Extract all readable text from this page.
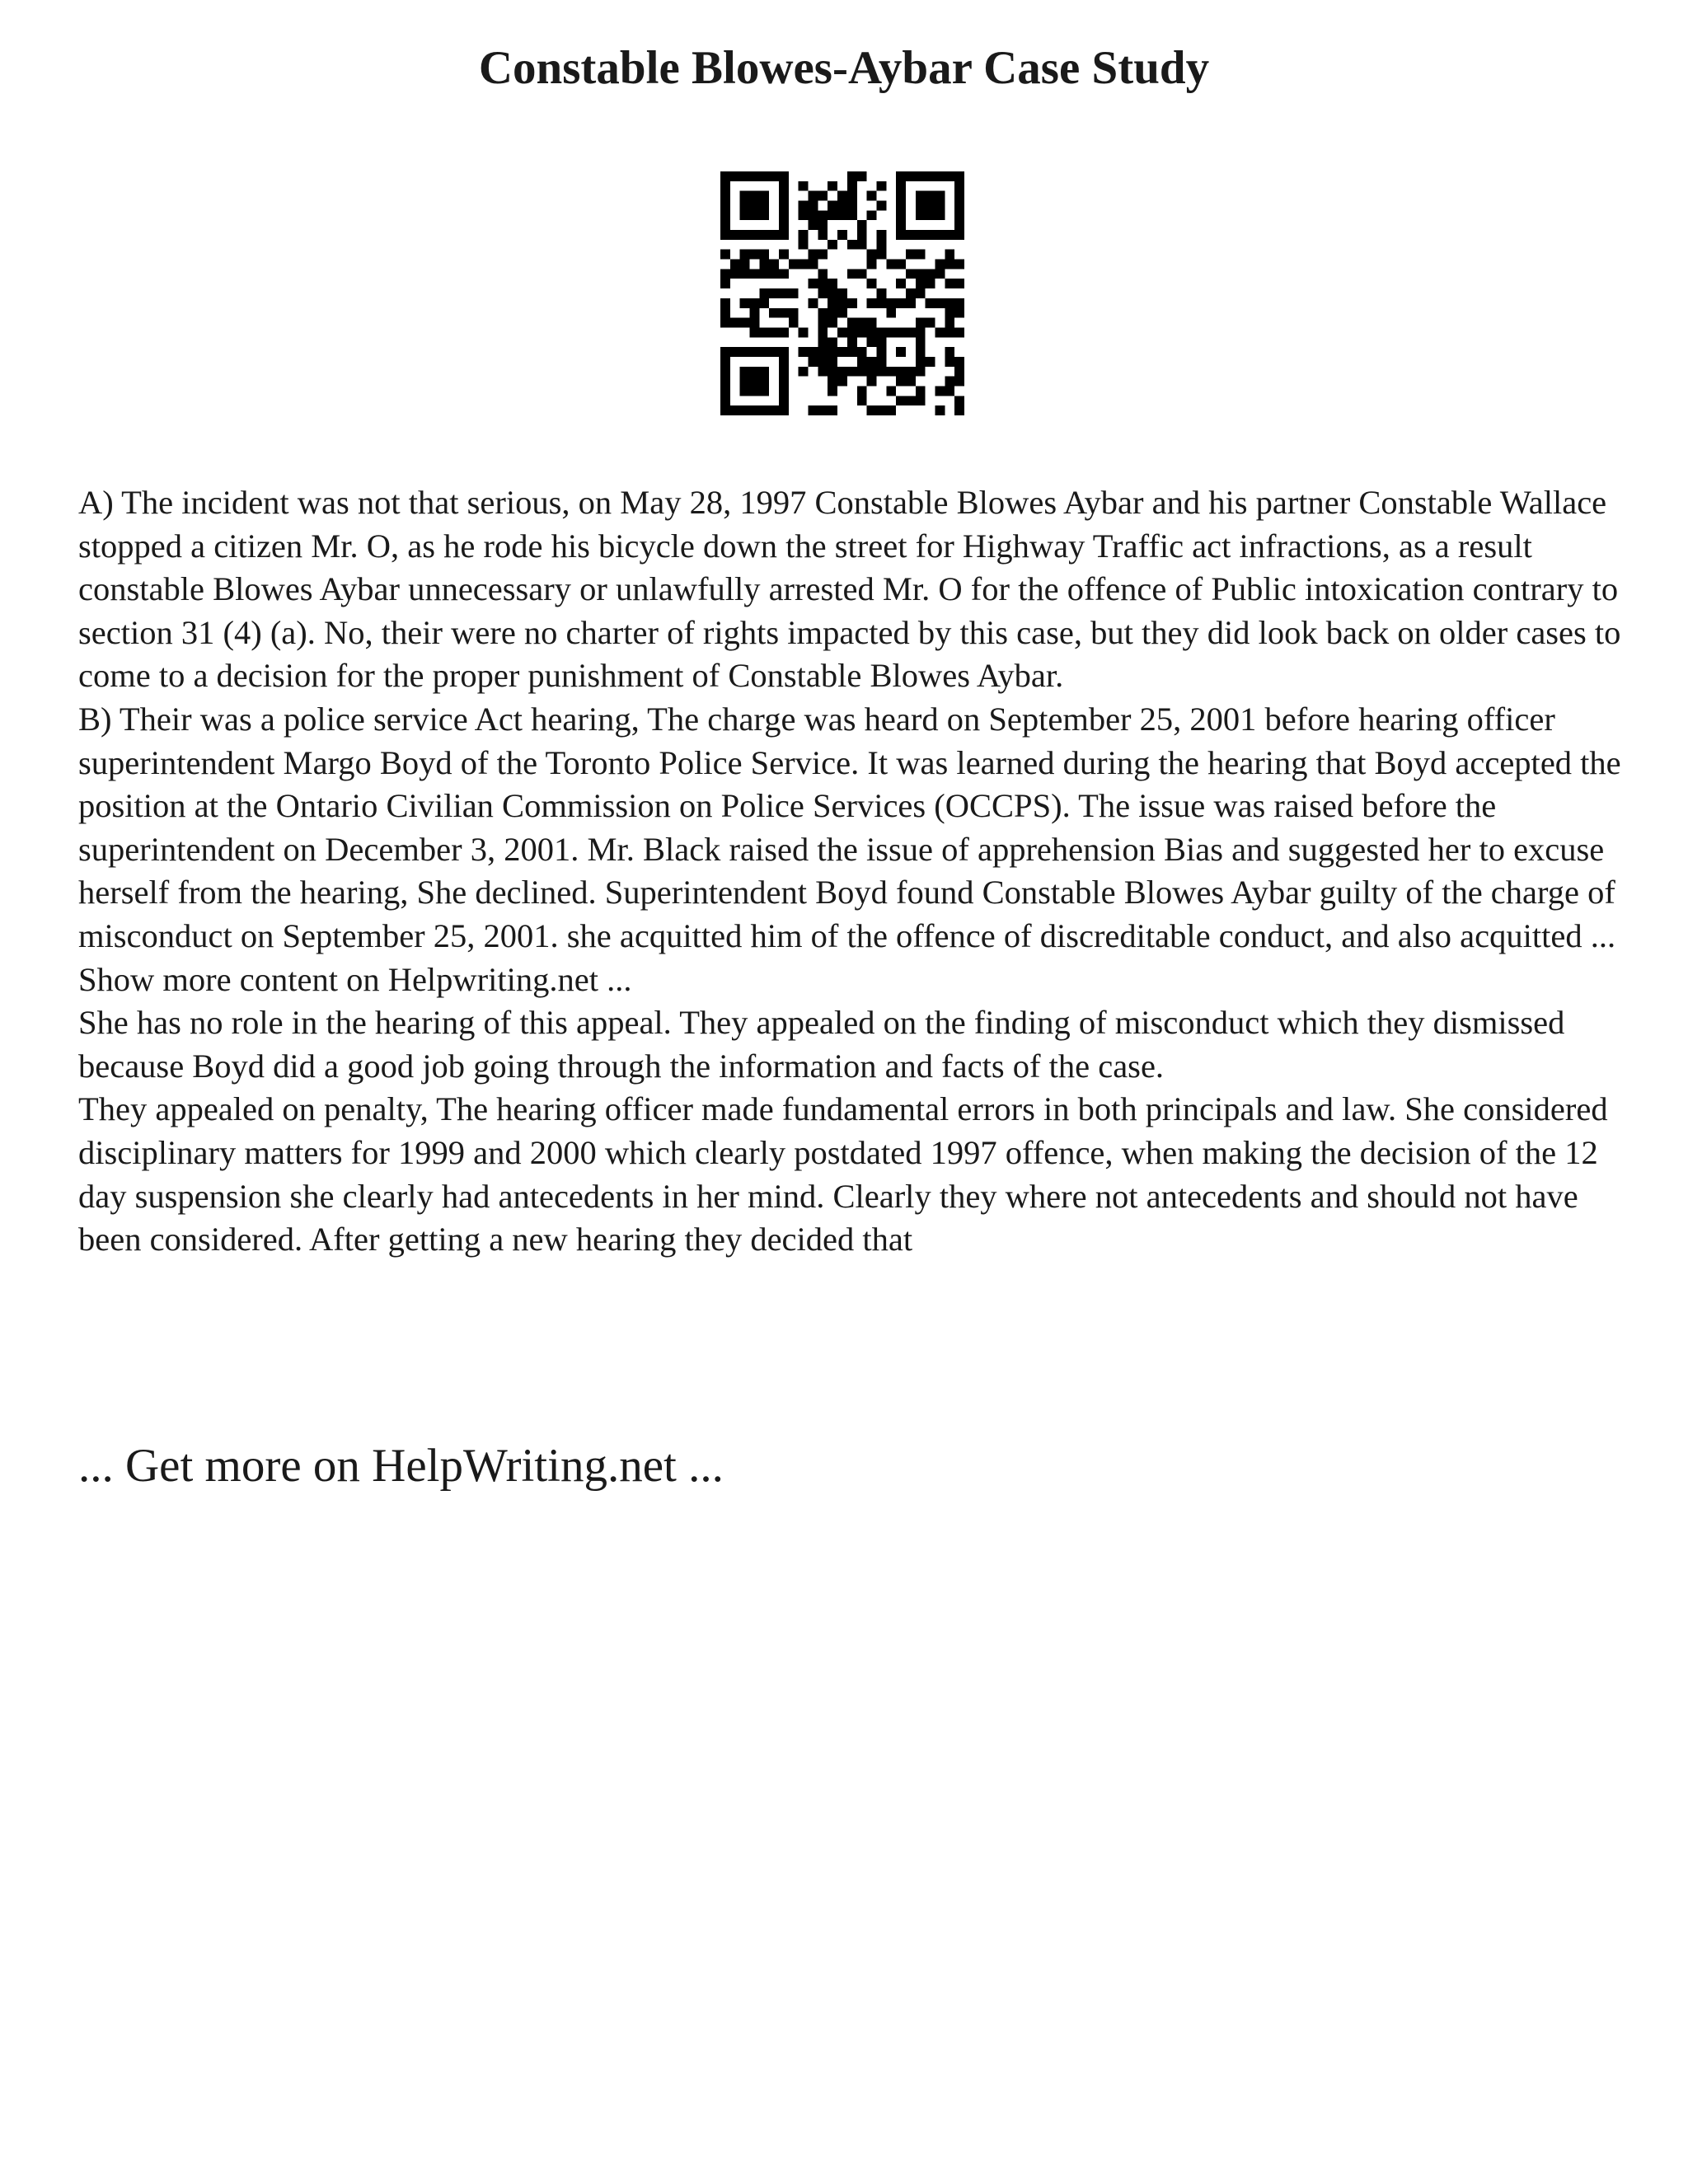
Constable Blowes-Aybar Case Study

A) The incident was not that serious, on May 28, 1997 Constable Blowes Aybar and his partner Constable Wallace stopped a citizen Mr. O, as he rode his bicycle down the street for Highway Traffic act infractions, as a result constable Blowes Aybar unnecessary or unlawfully arrested Mr. O for the offence of Public intoxication contrary to section 31 (4) (a). No, their were no charter of rights impacted by this case, but they did look back on older cases to come to a decision for the proper punishment of Constable Blowes Aybar.

B) Their was a police service Act hearing, The charge was heard on September 25, 2001 before hearing officer superintendent Margo Boyd of the Toronto Police Service. It was learned during the hearing that Boyd accepted the position at the Ontario Civilian Commission on Police Services (OCCPS). The issue was raised before the superintendent on December 3, 2001. Mr. Black raised the issue of apprehension Bias and suggested her to excuse herself from the hearing, She declined. Superintendent Boyd found Constable Blowes Aybar guilty of the charge of misconduct on September 25, 2001. she acquitted him of the offence of discreditable conduct, and also acquitted ... Show more content on Helpwriting.net ...

She has no role in the hearing of this appeal. They appealed on the finding of misconduct which they dismissed because Boyd did a good job going through the information and facts of the case.

They appealed on penalty, The hearing officer made fundamental errors in both principals and law. She considered disciplinary matters for 1999 and 2000 which clearly postdated 1997 offence, when making the decision of the 12 day suspension she clearly had antecedents in her mind. Clearly they where not antecedents and should not have been considered. After getting a new hearing they decided that

... Get more on HelpWriting.net ...
